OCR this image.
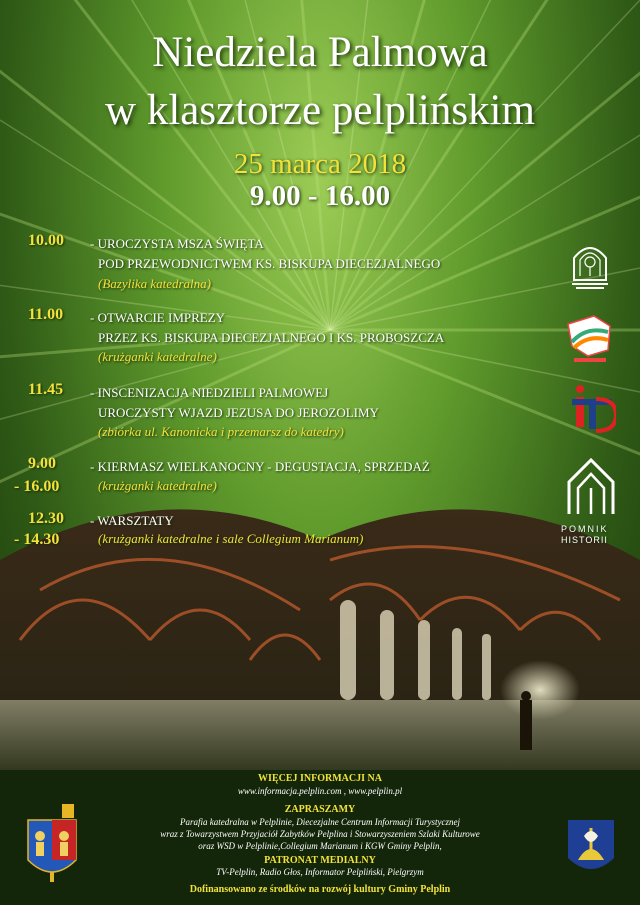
Niedziela Palmowa
w klasztorze pelplińskim
25 marca 2018
9.00 - 16.00
10.00 - UROCZYSTA MSZA ŚWIĘTA
POD PRZEWODNICTWEM KS. BISKUPA DIECEZJALNEGO
(Bazylika katedralna)
11.00 - OTWARCIE IMPREZY
PRZEZ KS. BISKUPA DIECEZJALNEGO I KS. PROBOSZCZA
(krużganki katedralne)
11.45 - INSCENIZACJA NIEDZIELI PALMOWEJ
UROCZYSTY WJAZD JEZUSA DO JEROZOLIMY
(zbiórka ul. Kanonicka i przemarsz do katedry)
9.00
- 16.00
- KIERMASZ WIELKANOCNY - DEGUSTACJA, SPRZEDAŻ
(krużganki katedralne)
12.30
- 14.30
- WARSZTATY
(krużganki katedralne i sale Collegium Marianum)
POMNIK
HISTORII
WIĘCEJ INFORMACJI NA
www.informacja.pelplin.com , www.pelplin.pl
ZAPRASZAMY
Parafia katedralna w Pelplinie, Diecezjalne Centrum Informacji Turystycznej
wraz z Towarzystwem Przyjaciół Zabytków Pelplina i Stowarzyszeniem Szlaki Kulturowe
oraz WSD w Pelplinie,Collegium Marianum i KGW Gminy Pelplin,
PATRONAT MEDIALNY
TV-Pelplin, Radio Głos, Informator Pelpliński, Pielgrzym
Dofinansowano ze środków na rozwój kultury Gminy Pelplin
